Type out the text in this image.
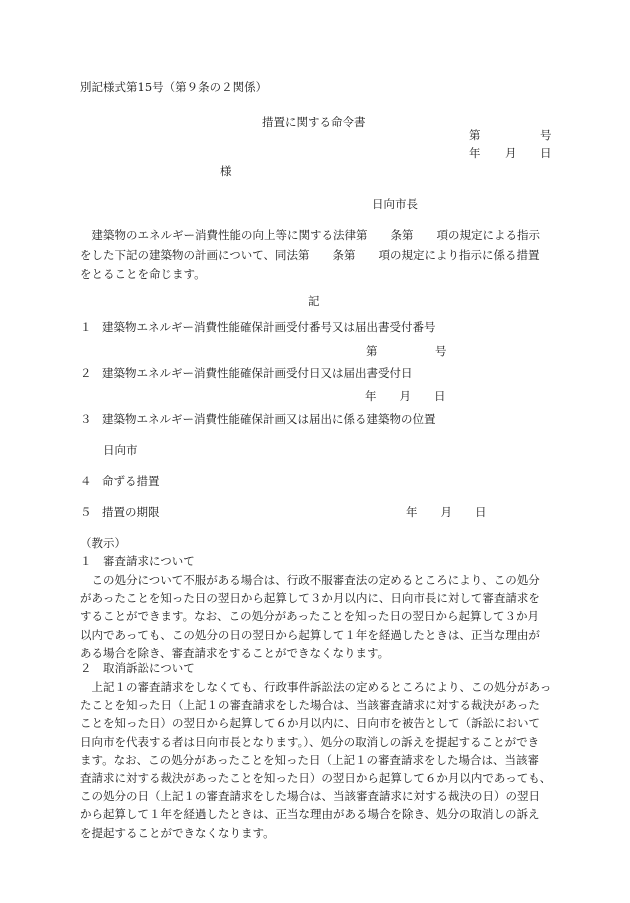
別記様式第15号（第９条の２関係）
措置に関する命令書
第	号
年 月 日
様
日向市長
　建築物のエネルギー消費性能の向上等に関する法律第　　条第　　項の規定による指示
をした下記の建築物の計画について、同法第　　条第　　項の規定により指示に係る措置
をとることを命じます。
記
１ 建築物エネルギー消費性能確保計画受付番号又は届出書受付番号
第　　　　　号
２ 建築物エネルギー消費性能確保計画受付日又は届出書受付日
年　　月　　日
３ 建築物エネルギー消費性能確保計画又は届出に係る建築物の位置
日向市
４ 命ずる措置
５ 措置の期限	年　　月　　日
（教示）
１　審査請求について
　この処分について不服がある場合は、行政不服審査法の定めるところにより、この処分
があったことを知った日の翌日から起算して３か月以内に、日向市長に対して審査請求を
することができます。なお、この処分があったことを知った日の翌日から起算して３か月
以内であっても、この処分の日の翌日から起算して１年を経過したときは、正当な理由が
ある場合を除き、審査請求をすることができなくなります。
２　取消訴訟について
　上記１の審査請求をしなくても、行政事件訴訟法の定めるところにより、この処分があっ
たことを知った日（上記１の審査請求をした場合は、当該審査請求に対する裁決があった
ことを知った日）の翌日から起算して６か月以内に、日向市を被告として（訴訟において
日向市を代表する者は日向市長となります。）、処分の取消しの訴えを提起することができ
ます。なお、この処分があったことを知った日（上記１の審査請求をした場合は、当該審
査請求に対する裁決があったことを知った日）の翌日から起算して６か月以内であっても、
この処分の日（上記１の審査請求をした場合は、当該審査請求に対する裁決の日）の翌日
から起算して１年を経過したときは、正当な理由がある場合を除き、処分の取消しの訴え
を提起することができなくなります。
